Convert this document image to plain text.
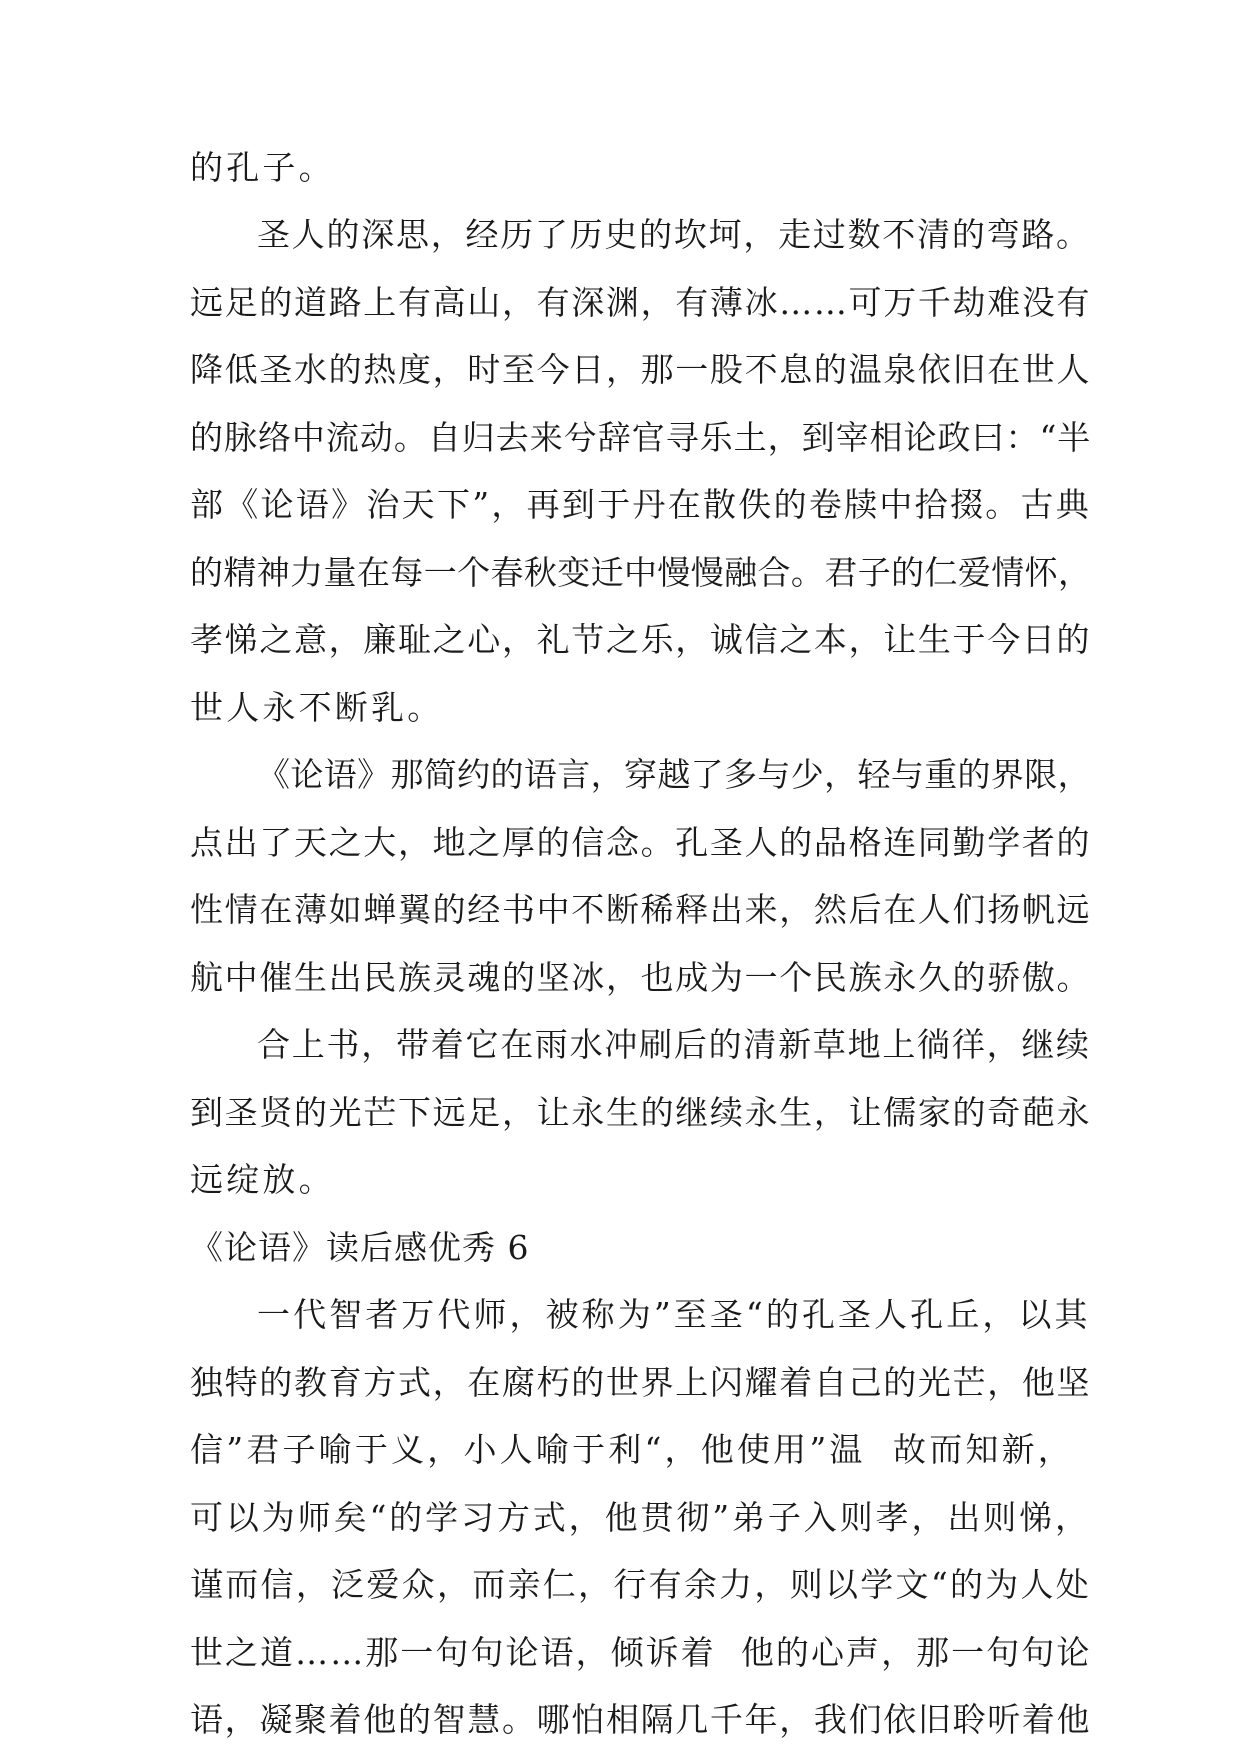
的孔子。
圣人的深思，经历了历史的坎坷，走过数不清的弯路。
远足的道路上有高山，有深渊，有薄冰……可万千劫难没有
降低圣水的热度，时至今日，那一股不息的温泉依旧在世人
的脉络中流动。自归去来兮辞官寻乐土，到宰相论政曰：“半
部《论语》治天下”，再到于丹在散佚的卷牍中拾掇。古典
的精神力量在每一个春秋变迁中慢慢融合。君子的仁爱情怀，
孝悌之意，廉耻之心，礼节之乐，诚信之本，让生于今日的
世人永不断乳。
《论语》那简约的语言，穿越了多与少，轻与重的界限，
点出了天之大，地之厚的信念。孔圣人的品格连同勤学者的
性情在薄如蝉翼的经书中不断稀释出来，然后在人们扬帆远
航中催生出民族灵魂的坚冰，也成为一个民族永久的骄傲。
合上书，带着它在雨水冲刷后的清新草地上徜徉，继续
到圣贤的光芒下远足，让永生的继续永生，让儒家的奇葩永
远绽放。
《论语》读后感优秀 6
一代智者万代师，被称为”至圣“的孔圣人孔丘，以其
独特的教育方式，在腐朽的世界上闪耀着自己的光芒，他坚
信”君子喻于义，小人喻于利“，他使用”温  故而知新，
可以为师矣“的学习方式，他贯彻”弟子入则孝，出则悌，
谨而信，泛爱众，而亲仁，行有余力，则以学文“的为人处
世之道……那一句句论语，倾诉着  他的心声，那一句句论
语，凝聚着他的智慧。哪怕相隔几千年，我们依旧聆听着他
